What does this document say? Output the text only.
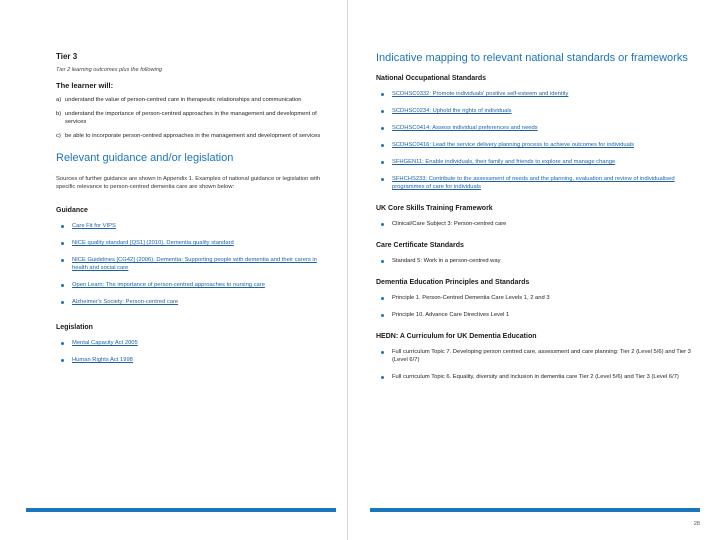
Tier 3
Tier 2 learning outcomes plus the following
The learner will:
a) understand the value of person-centred care in therapeutic relationships and communication
b) understand the importance of person-centred approaches in the management and development of services
c) be able to incorporate person-centred approaches in the management and development of services
Relevant guidance and/or legislation
Sources of further guidance are shown in Appendix 1. Examples of national guidance or legislation with specific relevance to person-centred dementia care are shown below:
Guidance
Care Fit for VIPS
NICE quality standard [QS1] (2010). Dementia quality standard
NICE Guidelines [CG42] (2006). Dementia: Supporting people with dementia and their carers in health and social care
Open Learn: The importance of person-centred approaches to nursing care
Alzheimer's Society: Person-centred care
Legislation
Mental Capacity Act 2005
Human Rights Act 1998
Indicative mapping to relevant national standards or frameworks
National Occupational Standards
SCDHSC0332: Promote individuals' positive self-esteem and identity
SCDHSC0234: Uphold the rights of individuals
SCDHSC0414: Assess individual preferences and needs
SCDHSC0416: Lead the service delivery planning process to achieve outcomes for individuals
SFHGEN11: Enable individuals, their family and friends to explore and manage change
SFHCHS233: Contribute to the assessment of needs and the planning, evaluation and review of individualised programmes of care for individuals
UK Core Skills Training Framework
Clinical/Care Subject 3: Person-centred care
Care Certificate Standards
Standard 5: Work in a person-centred way
Dementia Education Principles and Standards
Principle 1. Person-Centred Dementia Care Levels 1, 2 and 3
Principle 10. Advance Care Directives Level 1
HEDN: A Curriculum for UK Dementia Education
Full curriculum Topic 7. Developing person centred care, assessment and care planning: Tier 2 (Level 5/6) and Tier 3 (Level 6/7)
Full curriculum Topic 6. Equality, diversity and inclusion in dementia care Tier 2 (Level 5/6) and Tier 3 (Level 6/7)
28
